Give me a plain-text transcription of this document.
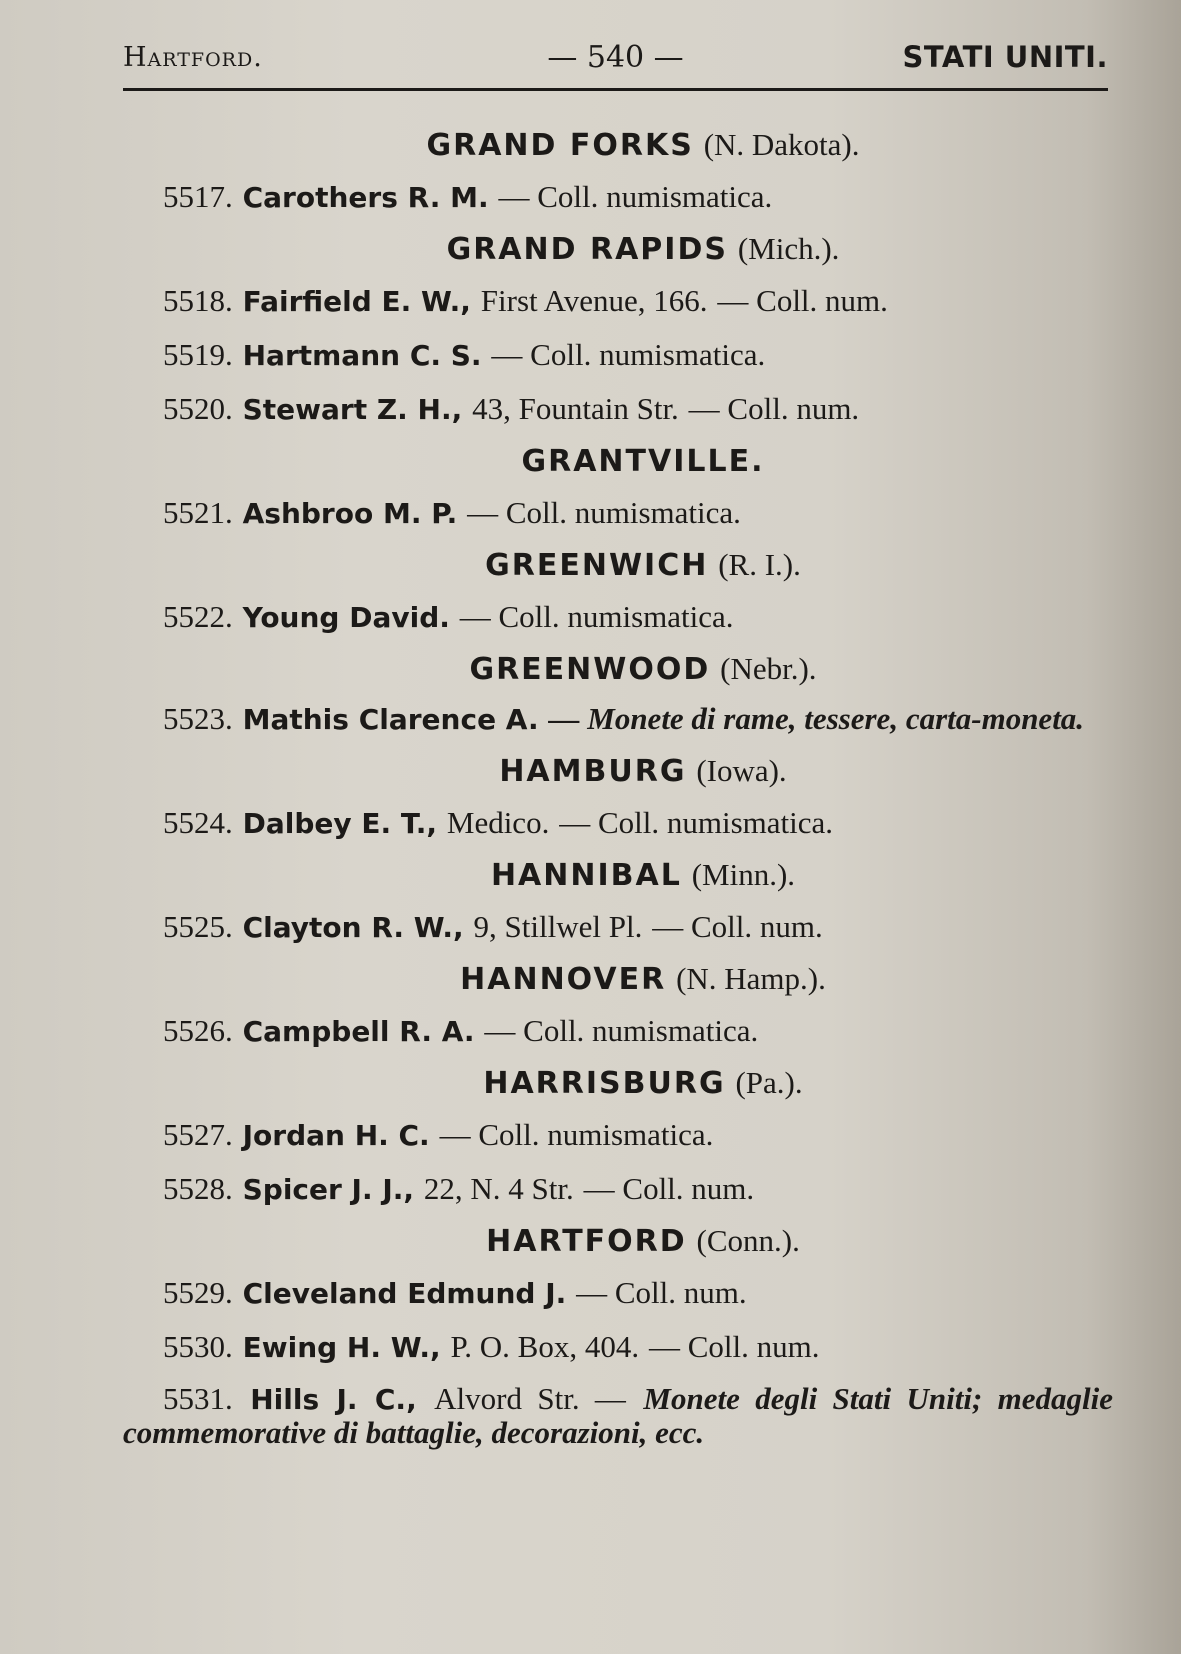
Hartford.	— 540 —	STATI UNITI.
GRAND FORKS (N. Dakota).
5517. Carothers R. M. — Coll. numismatica.
GRAND RAPIDS (Mich.).
5518. Fairfield E. W., First Avenue, 166. — Coll. num.
5519. Hartmann C. S. — Coll. numismatica.
5520. Stewart Z. H., 43, Fountain Str. — Coll. num.
GRANTVILLE.
5521. Ashbroo M. P. — Coll. numismatica.
GREENWICH (R. I.).
5522. Young David. — Coll. numismatica.
GREENWOOD (Nebr.).
5523. Mathis Clarence A. — Monete di rame, tessere, carta-moneta.
HAMBURG (Iowa).
5524. Dalbey E. T., Medico. — Coll. numismatica.
HANNIBAL (Minn.).
5525. Clayton R. W., 9, Stillwel Pl. — Coll. num.
HANNOVER (N. Hamp.).
5526. Campbell R. A. — Coll. numismatica.
HARRISBURG (Pa.).
5527. Jordan H. C. — Coll. numismatica.
5528. Spicer J. J., 22, N. 4 Str. — Coll. num.
HARTFORD (Conn.).
5529. Cleveland Edmund J. — Coll. num.
5530. Ewing H. W., P. O. Box, 404. — Coll. num.
5531. Hills J. C., Alvord Str. — Monete degli Stati Uniti; medaglie commemorative di battaglie, decorazioni, ecc.
